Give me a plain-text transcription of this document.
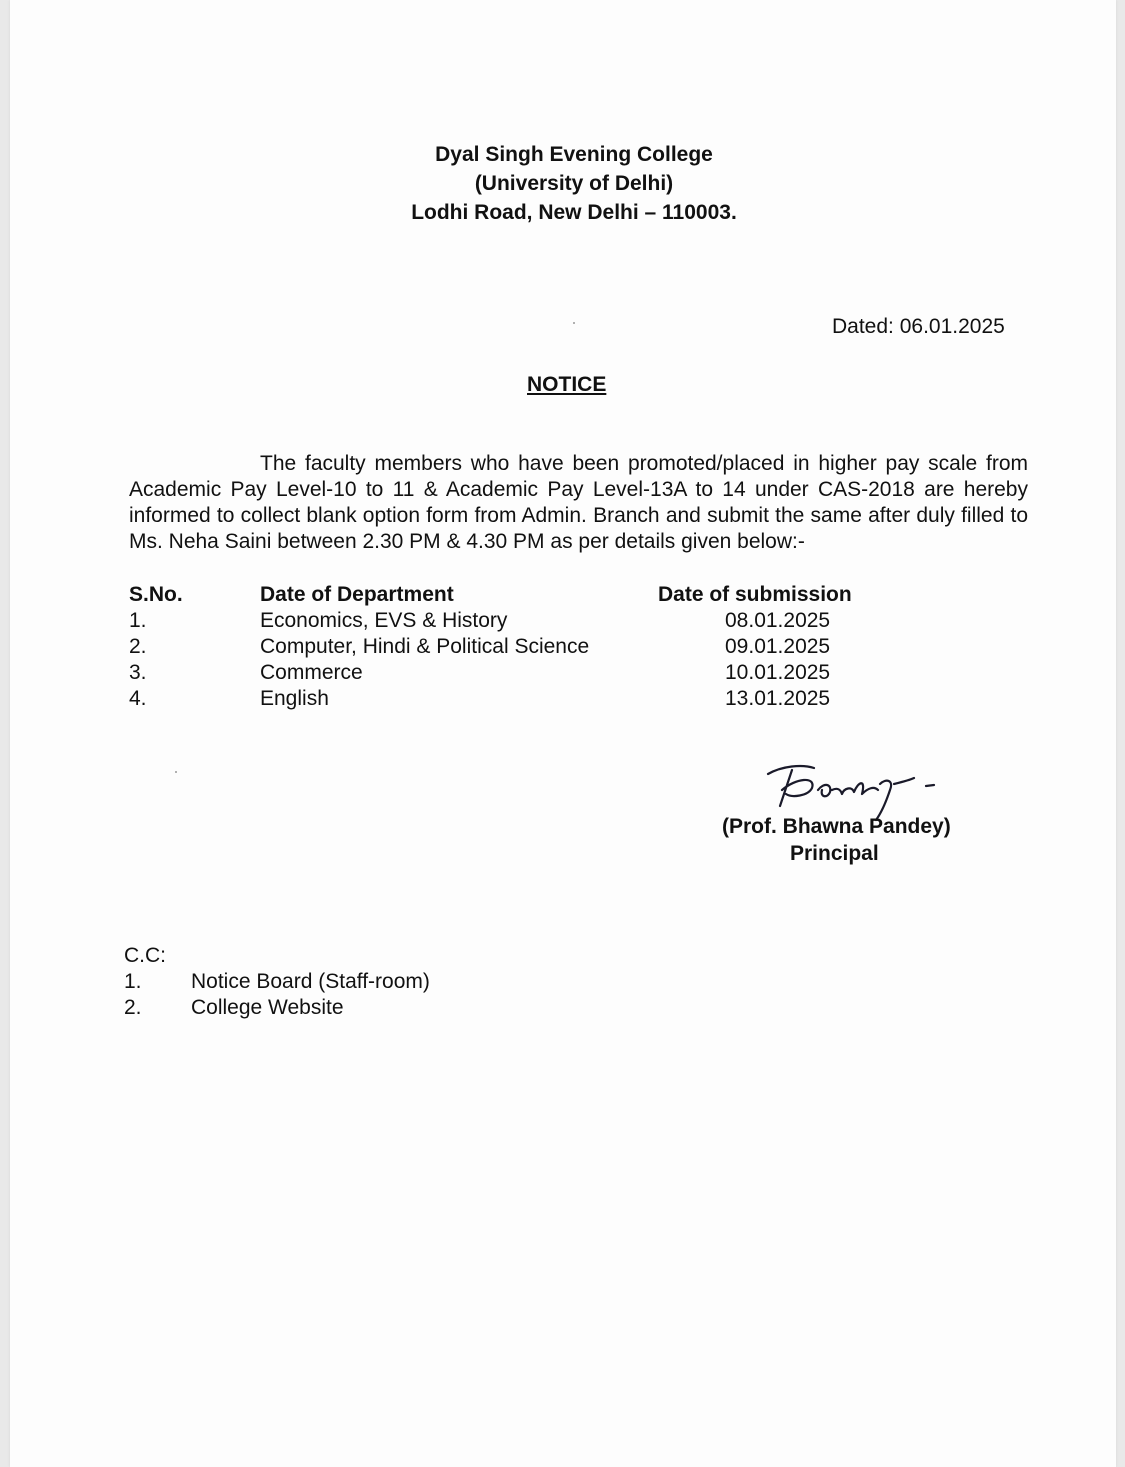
Dyal Singh Evening College
(University of Delhi)
Lodhi Road, New Delhi – 110003.
Dated: 06.01.2025
NOTICE
The faculty members who have been promoted/placed in higher pay scale from Academic Pay Level-10 to 11 & Academic Pay Level-13A to 14 under CAS-2018 are hereby informed to collect blank option form from Admin. Branch and submit the same after duly filled to Ms. Neha Saini between 2.30 PM & 4.30 PM as per details given below:-
S.No.	Date of Department	Date of submission
1.	Economics, EVS & History	08.01.2025
2.	Computer, Hindi & Political Science	09.01.2025
3.	Commerce	10.01.2025
4.	English	13.01.2025
(Prof. Bhawna Pandey)
Principal
C.C:
1. Notice Board (Staff-room)
2. College Website
